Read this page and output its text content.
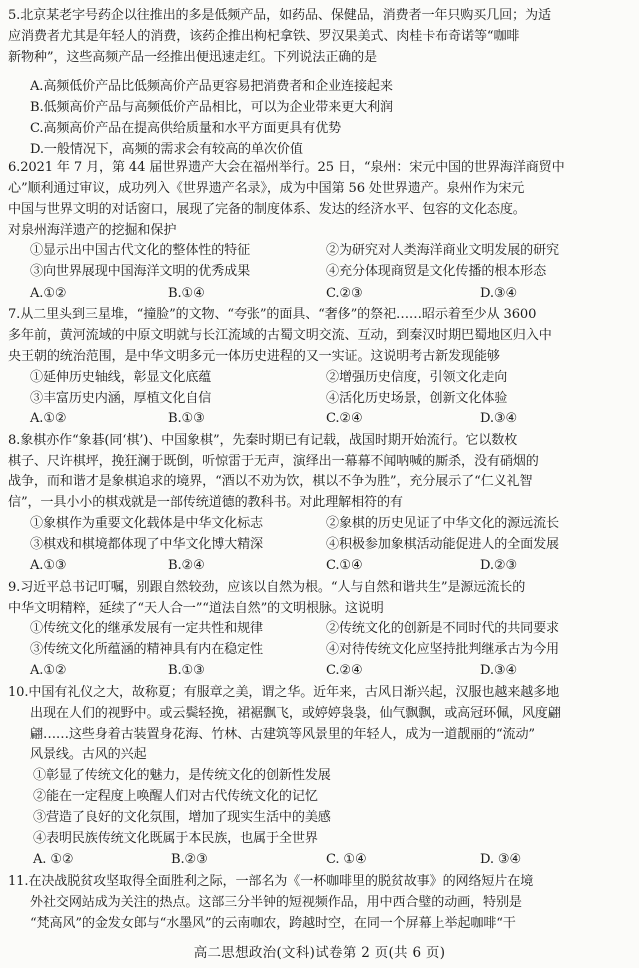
5.北京某老字号药企以往推出的多是低频产品，如药品、保健品，消费者一年只购买几回；为适
应消费者尤其是年轻人的消费，该药企推出枸杞拿铁、罗汉果美式、肉桂卡布奇诺等“咖啡
新物种”，这些高频产品一经推出便迅速走红。下列说法正确的是
A.高频低价产品比低频高价产品更容易把消费者和企业连接起来
B.低频高价产品与高频低价产品相比，可以为企业带来更大利润
C.高频高价产品在提高供给质量和水平方面更具有优势
D.一般情况下，高频的需求会有较高的单次价值
6.2021 年 7 月，第 44 届世界遗产大会在福州举行。25 日，“泉州：宋元中国的世界海洋商贸中
心”顺利通过审议，成功列入《世界遗产名录》，成为中国第 56 处世界遗产。泉州作为宋元
中国与世界文明的对话窗口，展现了完备的制度体系、发达的经济水平、包容的文化态度。
对泉州海洋遗产的挖掘和保护
①显示出中国古代文化的整体性的特征	②为研究对人类海洋商业文明发展的研究
③向世界展现中国海洋文明的优秀成果	④充分体现商贸是文化传播的根本形态
A.①②	B.①④	C.②③	D.③④
7.从二里头到三星堆，“撞脸”的文物、“夸张”的面具、“奢侈”的祭祀……昭示着至少从 3600
多年前，黄河流域的中原文明就与长江流域的古蜀文明交流、互动，到秦汉时期巴蜀地区归入中
央王朝的统治范围，是中华文明多元一体历史进程的又一实证。这说明考古新发现能够
①延伸历史轴线，彰显文化底蕴	②增强历史信度，引领文化走向
③丰富历史内涵，厚植文化自信	④活化历史场景，创新文化体验
A.①②	B.①③	C.②④	D.③④
8.象棋亦作“象碁(同‘棋’)、中国象棋”，先秦时期已有记载，战国时期开始流行。它以数枚
棋子、尺许棋坪，挽狂澜于既倒，听惊雷于无声，演绎出一幕幕不闻呐喊的厮杀，没有硝烟的
战争，而和谐才是象棋追求的境界，“酒以不劝为饮，棋以不争为胜”，充分展示了“仁义礼智
信”，一具小小的棋戏就是一部传统道德的教科书。对此理解相符的有
①象棋作为重要文化载体是中华文化标志	②象棋的历史见证了中华文化的源远流长
③棋戏和棋境都体现了中华文化博大精深	④积极参加象棋活动能促进人的全面发展
A.①③	B.②④	C.①④	D.②③
9.习近平总书记叮嘱，别跟自然较劲，应该以自然为根。“人与自然和谐共生”是源远流长的
中华文明精粹，延续了“天人合一”“道法自然”的文明根脉。这说明
①传统文化的继承发展有一定共性和规律	②传统文化的创新是不同时代的共同要求
③传统文化所蕴涵的精神具有内在稳定性	④对待传统文化应坚持批判继承古为今用
A.①②	B.①③	C.②④	D.③④
10.中国有礼仪之大，故称夏；有服章之美，谓之华。近年来，古风日渐兴起，汉服也越来越多地
出现在人们的视野中。或云鬓轻挽，裙裾飘飞，或婷婷袅袅，仙气飘飘，或高冠环佩，风度翩
翩……这些身着古装置身花海、竹林、古建筑等风景里的年轻人，成为一道靓丽的“流动”
风景线。古风的兴起
①彰显了传统文化的魅力，是传统文化的创新性发展
②能在一定程度上唤醒人们对古代传统文化的记忆
③营造了良好的文化氛围，增加了现实生活中的美感
④表明民族传统文化既属于本民族，也属于全世界
A. ①②	B.②③	C. ①④	D. ③④
11.在决战脱贫攻坚取得全面胜利之际，一部名为《一杯咖啡里的脱贫故事》的网络短片在境
外社交网站成为关注的热点。这部三分半钟的短视频作品，用中西合璧的动画，特别是
“梵高风”的金发女郎与“水墨风”的云南咖农，跨越时空，在同一个屏幕上举起咖啡“干
高二思想政治(文科)试卷第 2 页(共 6 页)
